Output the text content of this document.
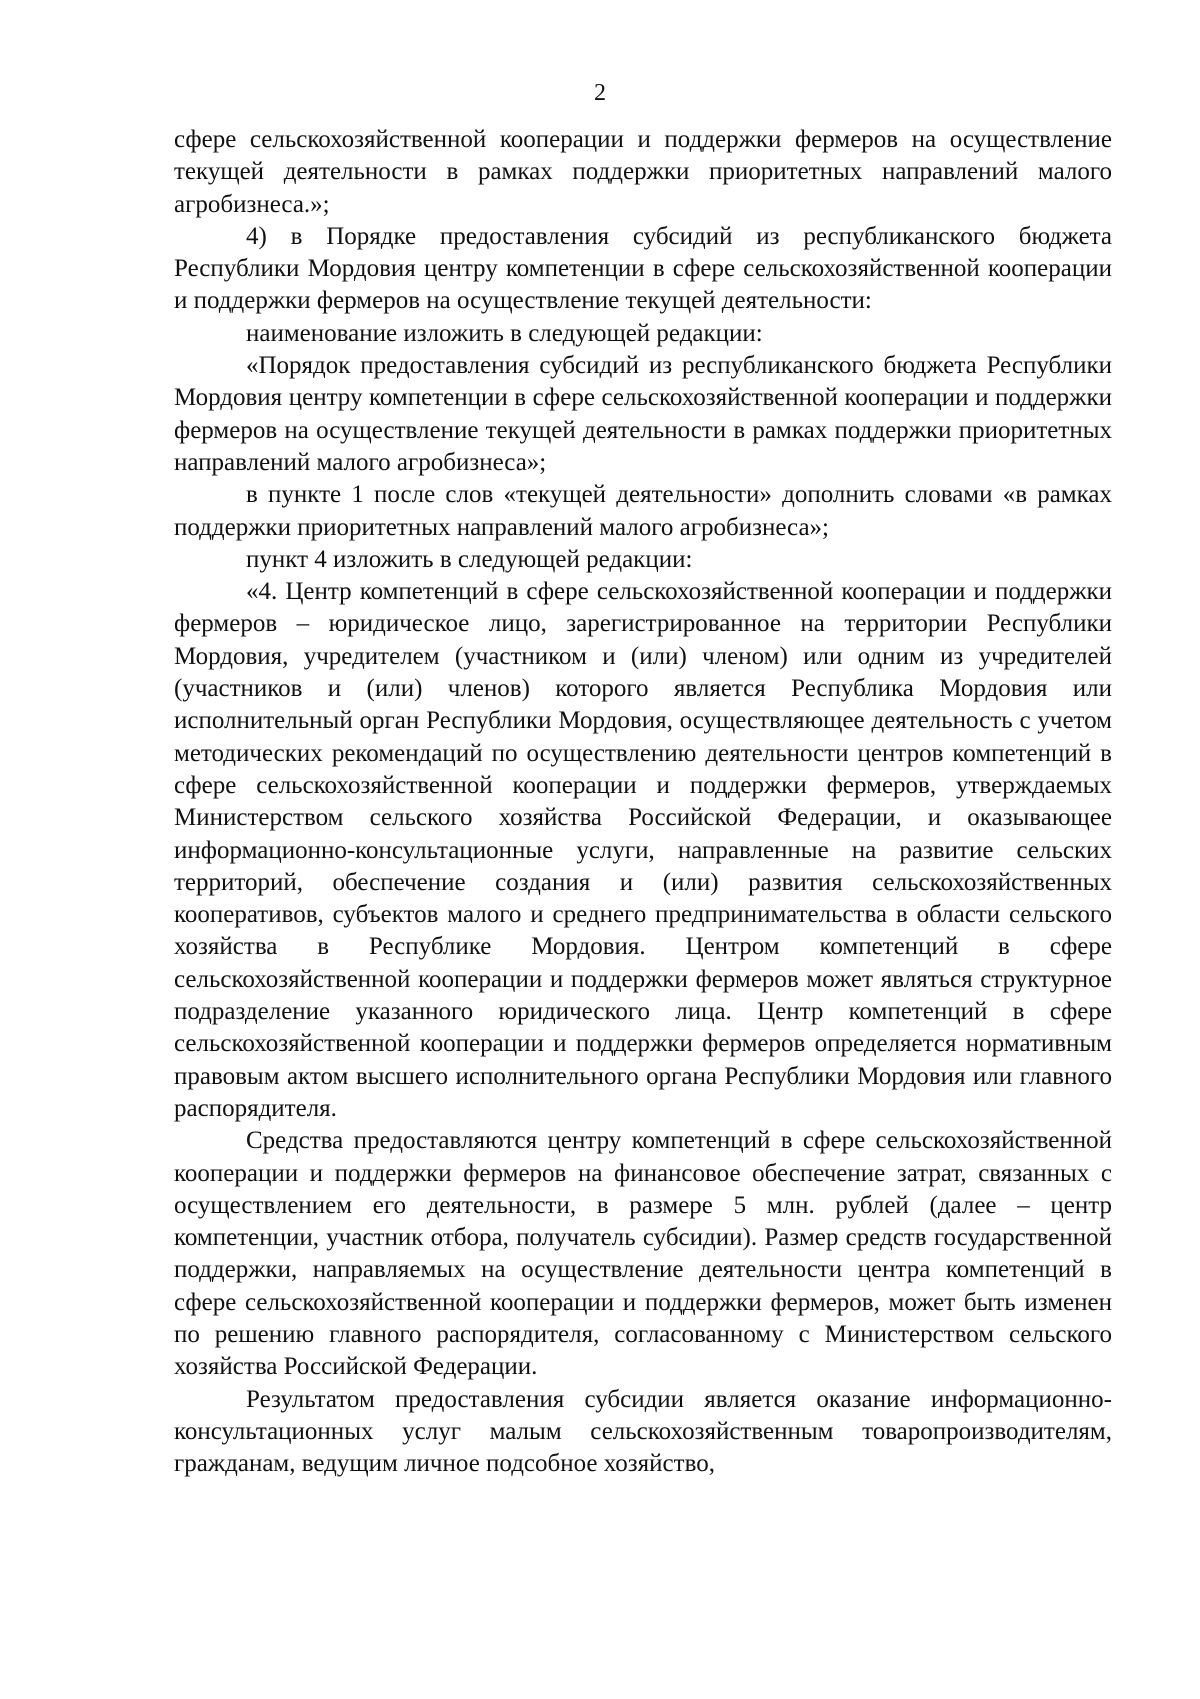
2

сфере сельскохозяйственной кооперации и поддержки фермеров на осуществление текущей деятельности в рамках поддержки приоритетных направлений малого агробизнеса.»;

4) в Порядке предоставления субсидий из республиканского бюджета Республики Мордовия центру компетенции в сфере сельскохозяйственной кооперации и поддержки фермеров на осуществление текущей деятельности:

наименование изложить в следующей редакции:

«Порядок предоставления субсидий из республиканского бюджета Республики Мордовия центру компетенции в сфере сельскохозяйственной кооперации и поддержки фермеров на осуществление текущей деятельности в рамках поддержки приоритетных направлений малого агробизнеса»;

в пункте 1 после слов «текущей деятельности» дополнить словами «в рамках поддержки приоритетных направлений малого агробизнеса»;

пункт 4 изложить в следующей редакции:

«4. Центр компетенций в сфере сельскохозяйственной кооперации и поддержки фермеров – юридическое лицо, зарегистрированное на территории Республики Мордовия, учредителем (участником и (или) членом) или одним из учредителей (участников и (или) членов) которого является Республика Мордовия или исполнительный орган Республики Мордовия, осуществляющее деятельность с учетом методических рекомендаций по осуществлению деятельности центров компетенций в сфере сельскохозяйственной кооперации и поддержки фермеров, утверждаемых Министерством сельского хозяйства Российской Федерации, и оказывающее информационно-консультационные услуги, направленные на развитие сельских территорий, обеспечение создания и (или) развития сельскохозяйственных кооперативов, субъектов малого и среднего предпринимательства в области сельского хозяйства в Республике Мордовия. Центром компетенций в сфере сельскохозяйственной кооперации и поддержки фермеров может являться структурное подразделение указанного юридического лица. Центр компетенций в сфере сельскохозяйственной кооперации и поддержки фермеров определяется нормативным правовым актом высшего исполнительного органа Республики Мордовия или главного распорядителя.

Средства предоставляются центру компетенций в сфере сельскохозяйственной кооперации и поддержки фермеров на финансовое обеспечение затрат, связанных с осуществлением его деятельности, в размере 5 млн. рублей (далее – центр компетенции, участник отбора, получатель субсидии). Размер средств государственной поддержки, направляемых на осуществление деятельности центра компетенций в сфере сельскохозяйственной кооперации и поддержки фермеров, может быть изменен по решению главного распорядителя, согласованному с Министерством сельского хозяйства Российской Федерации.

Результатом предоставления субсидии является оказание информационно-консультационных услуг малым сельскохозяйственным товаропроизводителям, гражданам, ведущим личное подсобное хозяйство,
